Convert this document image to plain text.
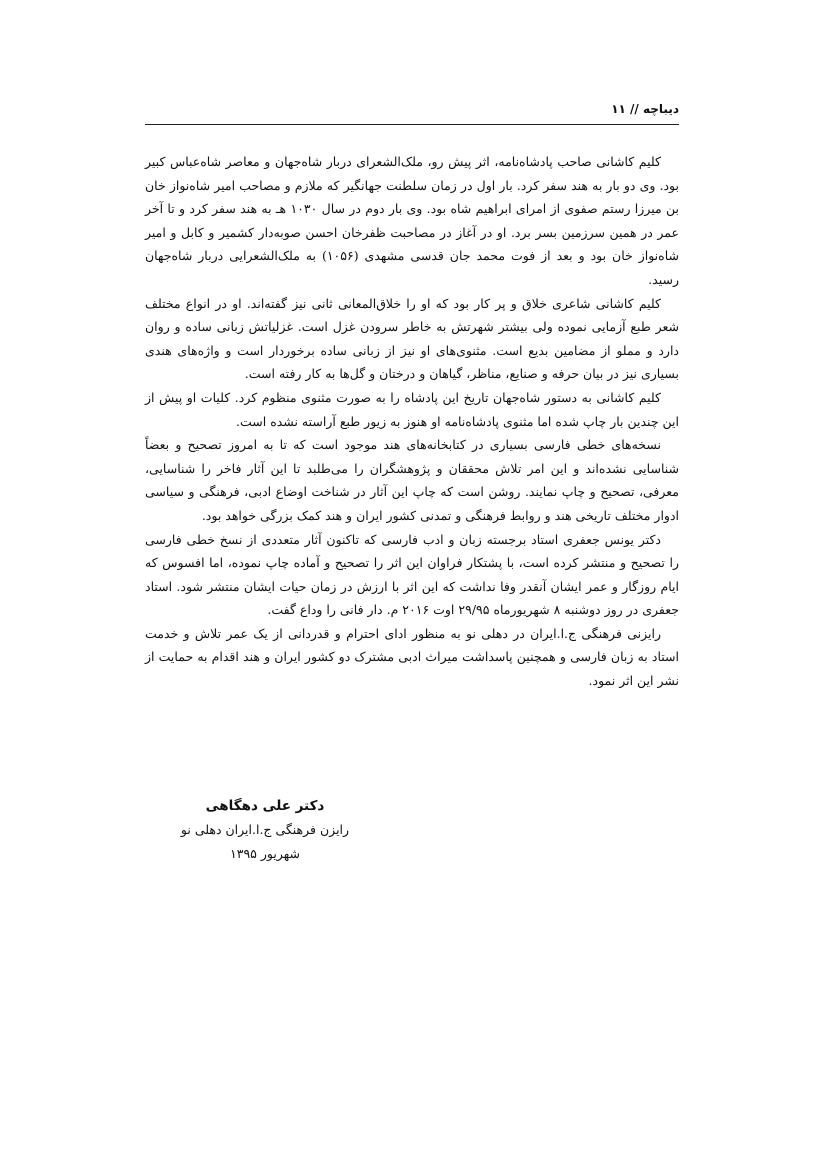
دیباچه // ۱۱

کلیم کاشانی صاحب پادشاه‌نامه، اثر پیش رو، ملک‌الشعرای دربار شاه‌جهان و معاصر شاه‌عباس کبیر بود. وی دو بار به هند سفر کرد. بار اول در زمان سلطنت جهانگیر که ملازم و مصاحب امیر شاه‌نواز خان بن میرزا رستم صفوی از امرای ابراهیم شاه بود. وی بار دوم در سال ۱۰۳۰ هـ به هند سفر کرد و تا آخر عمر در همین سرزمین بسر برد. او در آغاز در مصاحبت ظفرخان احسن صوبه‌دار کشمیر و کابل و امیر شاه‌نواز خان بود و بعد از فوت محمد جان قدسی مشهدی (۱۰۵۶) به ملک‌الشعرایی دربار شاه‌جهان رسید.

کلیم کاشانی شاعری خلاق و پر کار بود که او را خلاق‌المعانی ثانی نیز گفته‌اند. او در انواع مختلف شعر طبع آزمایی نموده ولی بیشتر شهرتش به خاطر سرودن غزل است. غزلیاتش زبانی ساده و روان دارد و مملو از مضامین بدیع است. مثنوی‌های او نیز از زبانی ساده برخوردار است و واژه‌های هندی بسیاری نیز در بیان حرفه و صنایع، مناظر، گیاهان و درختان و گل‌ها به کار رفته است.

کلیم کاشانی به دستور شاه‌جهان تاریخ این پادشاه را به صورت مثنوی منظوم کرد. کلیات او پیش از این چندین بار چاپ شده اما مثنوی پادشاه‌نامه او هنوز به زیور طبع آراسته نشده است.

نسخه‌های خطی فارسی بسیاری در کتابخانه‌های هند موجود است که تا به امروز تصحیح و بعضاً شناسایی نشده‌اند و این امر تلاش محققان و پژوهشگران را می‌طلبد تا این آثار فاخر را شناسایی، معرفی، تصحیح و چاپ نمایند. روشن است که چاپ این آثار در شناخت اوضاع ادبی، فرهنگی و سیاسی ادوار مختلف تاریخی هند و روابط فرهنگی و تمدنی کشور ایران و هند کمک بزرگی خواهد بود.

دکتر یونس جعفری استاد برجسته زبان و ادب فارسی که تاکنون آثار متعددی از نسخ خطی فارسی را تصحیح و منتشر کرده است، با پشتکار فراوان این اثر را تصحیح و آماده چاپ نموده، اما افسوس که ایام روزگار و عمر ایشان آنقدر وفا نداشت که این اثر با ارزش در زمان حیات ایشان منتشر شود. استاد جعفری در روز دوشنبه ۸ شهریورماه ۲۹/۹۵ اوت ۲۰۱۶ م. دار فانی را وداع گفت.

رایزنی فرهنگی ج.ا.ایران در دهلی نو به منظور ادای احترام و قدردانی از یک عمر تلاش و خدمت استاد به زبان فارسی و همچنین پاسداشت میراث ادبی مشترک دو کشور ایران و هند اقدام به حمایت از نشر این اثر نمود.

دکتر علی دهگاهی
رایزن فرهنگی ج.ا.ایران دهلی نو
شهریور ۱۳۹۵
